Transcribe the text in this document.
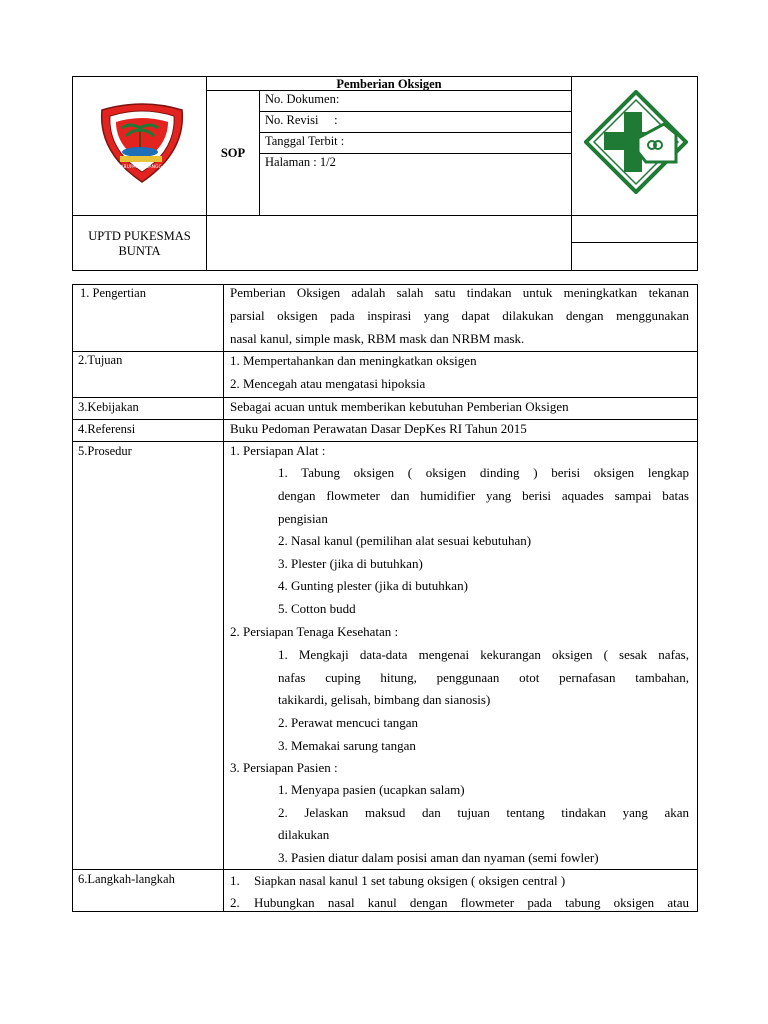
Pemberian Oksigen
SOP
No. Dokumen:
No. Revisi     :
Tanggal Terbit :
Halaman : 1/2
UPTD PUKESMAS
BUNTA
KABUPATEN BANGGAI
1. Pengertian	Pemberian Oksigen adalah salah satu tindakan untuk meningkatkan tekanan
parsial oksigen pada inspirasi yang dapat dilakukan dengan menggunakan
nasal kanul, simple mask, RBM mask dan NRBM mask.
2.Tujuan	1. Mempertahankan dan meningkatkan oksigen
2. Mencegah atau mengatasi hipoksia
3.Kebijakan	Sebagai acuan untuk memberikan kebutuhan Pemberian Oksigen
4.Referensi	Buku Pedoman Perawatan Dasar DepKes RI Tahun 2015
5.Prosedur	1. Persiapan Alat :
1. Tabung oksigen ( oksigen dinding ) berisi oksigen lengkap
dengan flowmeter dan humidifier yang berisi aquades sampai batas
pengisian
2. Nasal kanul (pemilihan alat sesuai kebutuhan)
3. Plester (jika di butuhkan)
4. Gunting plester (jika di butuhkan)
5. Cotton budd
2. Persiapan Tenaga Kesehatan :
1. Mengkaji data-data mengenai kekurangan oksigen ( sesak nafas,
nafas cuping hitung, penggunaan otot pernafasan tambahan,
takikardi, gelisah, bimbang dan sianosis)
2. Perawat mencuci tangan
3. Memakai sarung tangan
3. Persiapan Pasien :
1. Menyapa pasien (ucapkan salam)
2. Jelaskan maksud dan tujuan tentang tindakan yang akan
dilakukan
3. Pasien diatur dalam posisi aman dan nyaman (semi fowler)
6.Langkah-langkah	1. Siapkan nasal kanul 1 set tabung oksigen ( oksigen central )
2. Hubungkan nasal kanul dengan flowmeter pada tabung oksigen atau
